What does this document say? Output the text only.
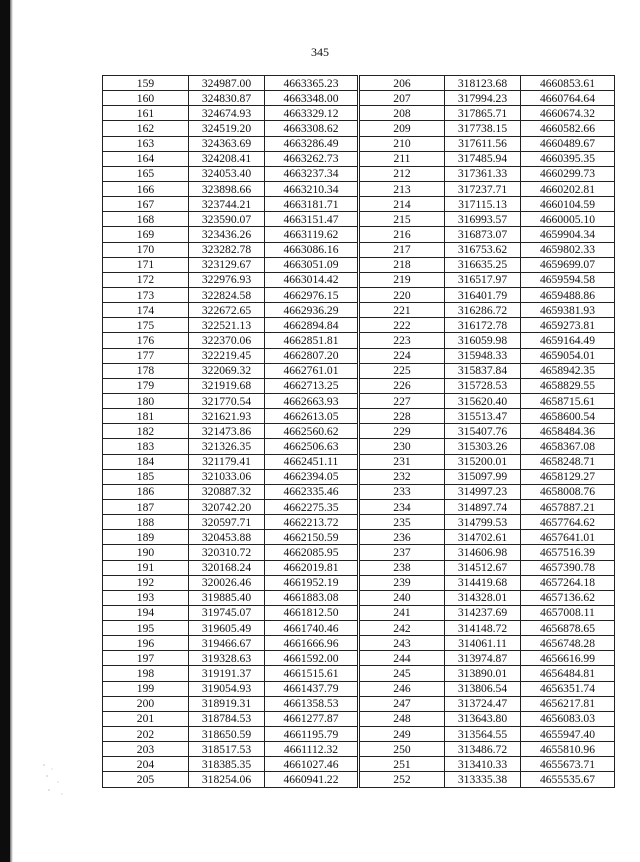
345
159	324987.00	4663365.23	206	318123.68	4660853.61
160	324830.87	4663348.00	207	317994.23	4660764.64
161	324674.93	4663329.12	208	317865.71	4660674.32
162	324519.20	4663308.62	209	317738.15	4660582.66
163	324363.69	4663286.49	210	317611.56	4660489.67
164	324208.41	4663262.73	211	317485.94	4660395.35
165	324053.40	4663237.34	212	317361.33	4660299.73
166	323898.66	4663210.34	213	317237.71	4660202.81
167	323744.21	4663181.71	214	317115.13	4660104.59
168	323590.07	4663151.47	215	316993.57	4660005.10
169	323436.26	4663119.62	216	316873.07	4659904.34
170	323282.78	4663086.16	217	316753.62	4659802.33
171	323129.67	4663051.09	218	316635.25	4659699.07
172	322976.93	4663014.42	219	316517.97	4659594.58
173	322824.58	4662976.15	220	316401.79	4659488.86
174	322672.65	4662936.29	221	316286.72	4659381.93
175	322521.13	4662894.84	222	316172.78	4659273.81
176	322370.06	4662851.81	223	316059.98	4659164.49
177	322219.45	4662807.20	224	315948.33	4659054.01
178	322069.32	4662761.01	225	315837.84	4658942.35
179	321919.68	4662713.25	226	315728.53	4658829.55
180	321770.54	4662663.93	227	315620.40	4658715.61
181	321621.93	4662613.05	228	315513.47	4658600.54
182	321473.86	4662560.62	229	315407.76	4658484.36
183	321326.35	4662506.63	230	315303.26	4658367.08
184	321179.41	4662451.11	231	315200.01	4658248.71
185	321033.06	4662394.05	232	315097.99	4658129.27
186	320887.32	4662335.46	233	314997.23	4658008.76
187	320742.20	4662275.35	234	314897.74	4657887.21
188	320597.71	4662213.72	235	314799.53	4657764.62
189	320453.88	4662150.59	236	314702.61	4657641.01
190	320310.72	4662085.95	237	314606.98	4657516.39
191	320168.24	4662019.81	238	314512.67	4657390.78
192	320026.46	4661952.19	239	314419.68	4657264.18
193	319885.40	4661883.08	240	314328.01	4657136.62
194	319745.07	4661812.50	241	314237.69	4657008.11
195	319605.49	4661740.46	242	314148.72	4656878.65
196	319466.67	4661666.96	243	314061.11	4656748.28
197	319328.63	4661592.00	244	313974.87	4656616.99
198	319191.37	4661515.61	245	313890.01	4656484.81
199	319054.93	4661437.79	246	313806.54	4656351.74
200	318919.31	4661358.53	247	313724.47	4656217.81
201	318784.53	4661277.87	248	313643.80	4656083.03
202	318650.59	4661195.79	249	313564.55	4655947.40
203	318517.53	4661112.32	250	313486.72	4655810.96
204	318385.35	4661027.46	251	313410.33	4655673.71
205	318254.06	4660941.22	252	313335.38	4655535.67
